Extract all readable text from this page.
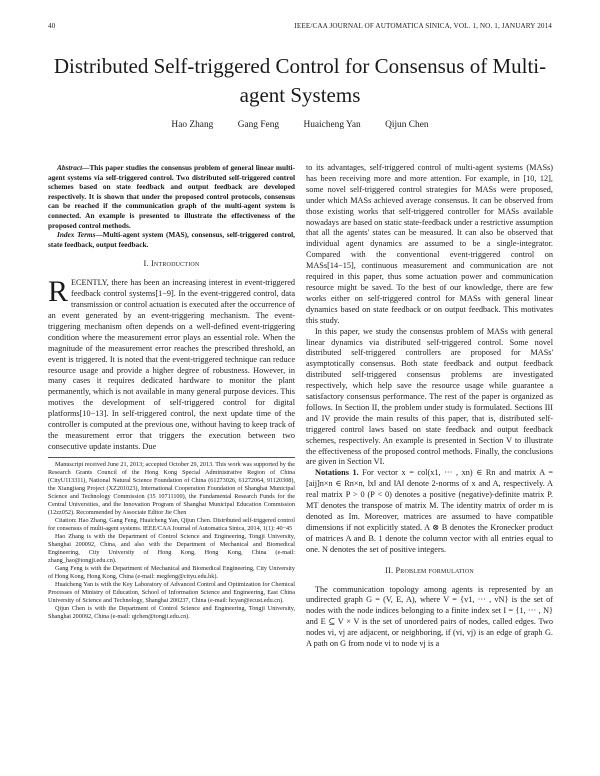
40	IEEE/CAA JOURNAL OF AUTOMATICA SINICA, VOL. 1, NO. 1, JANUARY 2014
Distributed Self-triggered Control for Consensus of Multi-agent Systems
Hao Zhang	Gang Feng	Huaicheng Yan	Qijun Chen

Abstract—This paper studies the consensus problem of general linear multi-agent systems via self-triggered control. Two distributed self-triggered control schemes based on state feedback and output feedback are developed respectively. It is shown that under the proposed control protocols, consensus can be reached if the communication graph of the multi-agent system is connected. An example is presented to illustrate the effectiveness of the proposed control methods.

Index Terms—Multi-agent system (MAS), consensus, self-triggered control, state feedback, output feedback.

I. Introduction

RECENTLY, there has been an increasing interest in event-triggered feedback control systems[1−9]. In the event-triggered control, data transmission or control actuation is executed after the occurrence of an event generated by an event-triggering mechanism. The event-triggering mechanism often depends on a well-defined event-triggering condition where the measurement error plays an essential role. When the magnitude of the measurement error reaches the prescribed threshold, an event is triggered. It is noted that the event-triggered technique can reduce resource usage and provide a higher degree of robustness. However, in many cases it requires dedicated hardware to monitor the plant permanently, which is not available in many general purpose devices. This motives the development of self-triggered control for digital platforms[10−13]. In self-triggered control, the next update time of the controller is computed at the previous one, without having to keep track of the measurement error that triggers the execution between two consecutive update instants. Due

Manuscript received June 21, 2013; accepted October 29, 2013. This work was supported by the Research Grants Council of the Hong Kong Special Administrative Region of China (CityU113311), National Natural Science Foundation of China (61273026, 61272064, 91120308), the Xiangjiang Project (XZ201023), International Cooperation Foundation of Shanghai Municipal Science and Technology Commission (35 10711100), the Fundamental Research Funds for the Central Universities, and the Innovation Program of Shanghai Municipal Education Commission (12zz052). Recommended by Associate Editor Jie Chen

Citation: Hao Zhang, Gang Feng, Huaicheng Yan, Qijun Chen. Distributed self-triggered control for consensus of multi-agent systems. IEEE/CAA Journal of Automatica Sinica, 2014, 1(1): 40−45

Hao Zhang is with the Department of Control Science and Engineering, Tongji University, Shanghai 200092, China, and also with the Department of Mechanical and Biomedical Engineering, City University of Hong Kong, Hong Kong, China (e-mail: zhang_hao@tongji.edu.cn).

Gang Feng is with the Department of Mechanical and Biomedical Engineering, City University of Hong Kong, Hong Kong, China (e-mail: megfeng@cityu.edu.hk).

Huaicheng Yan is with the Key Laboratory of Advanced Control and Optimization for Chemical Processes of Ministry of Education, School of Information Science and Engineering, East China University of Science and Technology, Shanghai 200237, China (e-mail: hcyan@ecust.edu.cn).

Qijun Chen is with the Department of Control Science and Engineering, Tongji University, Shanghai 200092, China (e-mail: qjchen@tongji.edu.cn).

to its advantages, self-triggered control of multi-agent systems (MASs) has been receiving more and more attention. For example, in [10, 12], some novel self-triggered control strategies for MASs were proposed, under which MASs achieved average consensus. It can be observed from those existing works that self-triggered controller for MASs available nowadays are based on static state-feedback under a restrictive assumption that all the agents' states can be measured. It can also be observed that individual agent dynamics are assumed to be a single-integrator. Compared with the conventional event-triggered control on MASs[14−15], continuous measurement and communication are not required in this paper, thus some actuation power and communication resource might be saved. To the best of our knowledge, there are few works either on self-triggered control for MASs with general linear dynamics based on state feedback or on output feedback. This motivates this study.

In this paper, we study the consensus problem of MASs with general linear dynamics via distributed self-triggered control. Some novel distributed self-triggered controllers are proposed for MASs' asymptotically consensus. Both state feedback and output feedback distributed self-triggered consensus problems are investigated respectively, which help save the resource usage while guarantee a satisfactory consensus performance. The rest of the paper is organized as follows. In Section II, the problem under study is formulated. Sections III and IV provide the main results of this paper, that is, distributed self-triggered control laws based on state feedback and output feedback schemes, respectively. An example is presented in Section V to illustrate the effectiveness of the proposed control methods. Finally, the conclusions are given in Section VI.

Notations 1. For vector x = col(x1, ··· , xn) ∈ Rn and matrix A = [aij]n×n ∈ Rn×n, ‖x‖ and ‖A‖ denote 2-norms of x and A, respectively. A real matrix P > 0 (P < 0) denotes a positive (negative)-definite matrix P. MT denotes the transpose of matrix M. The identity matrix of order m is denoted as Im. Moreover, matrices are assumed to have compatible dimensions if not explicitly stated. A ⊗ B denotes the Kronecker product of matrices A and B. 1 denote the column vector with all entries equal to one. N denotes the set of positive integers.

II. Problem formulation

The communication topology among agents is represented by an undirected graph G = (V, E, A), where V = {v1, ··· , vN} is the set of nodes with the node indices belonging to a finite index set I = {1, ··· , N} and E ⊆ V × V is the set of unordered pairs of nodes, called edges. Two nodes vi, vj are adjacent, or neighboring, if (vi, vj) is an edge of graph G. A path on G from node vi to node vj is a
